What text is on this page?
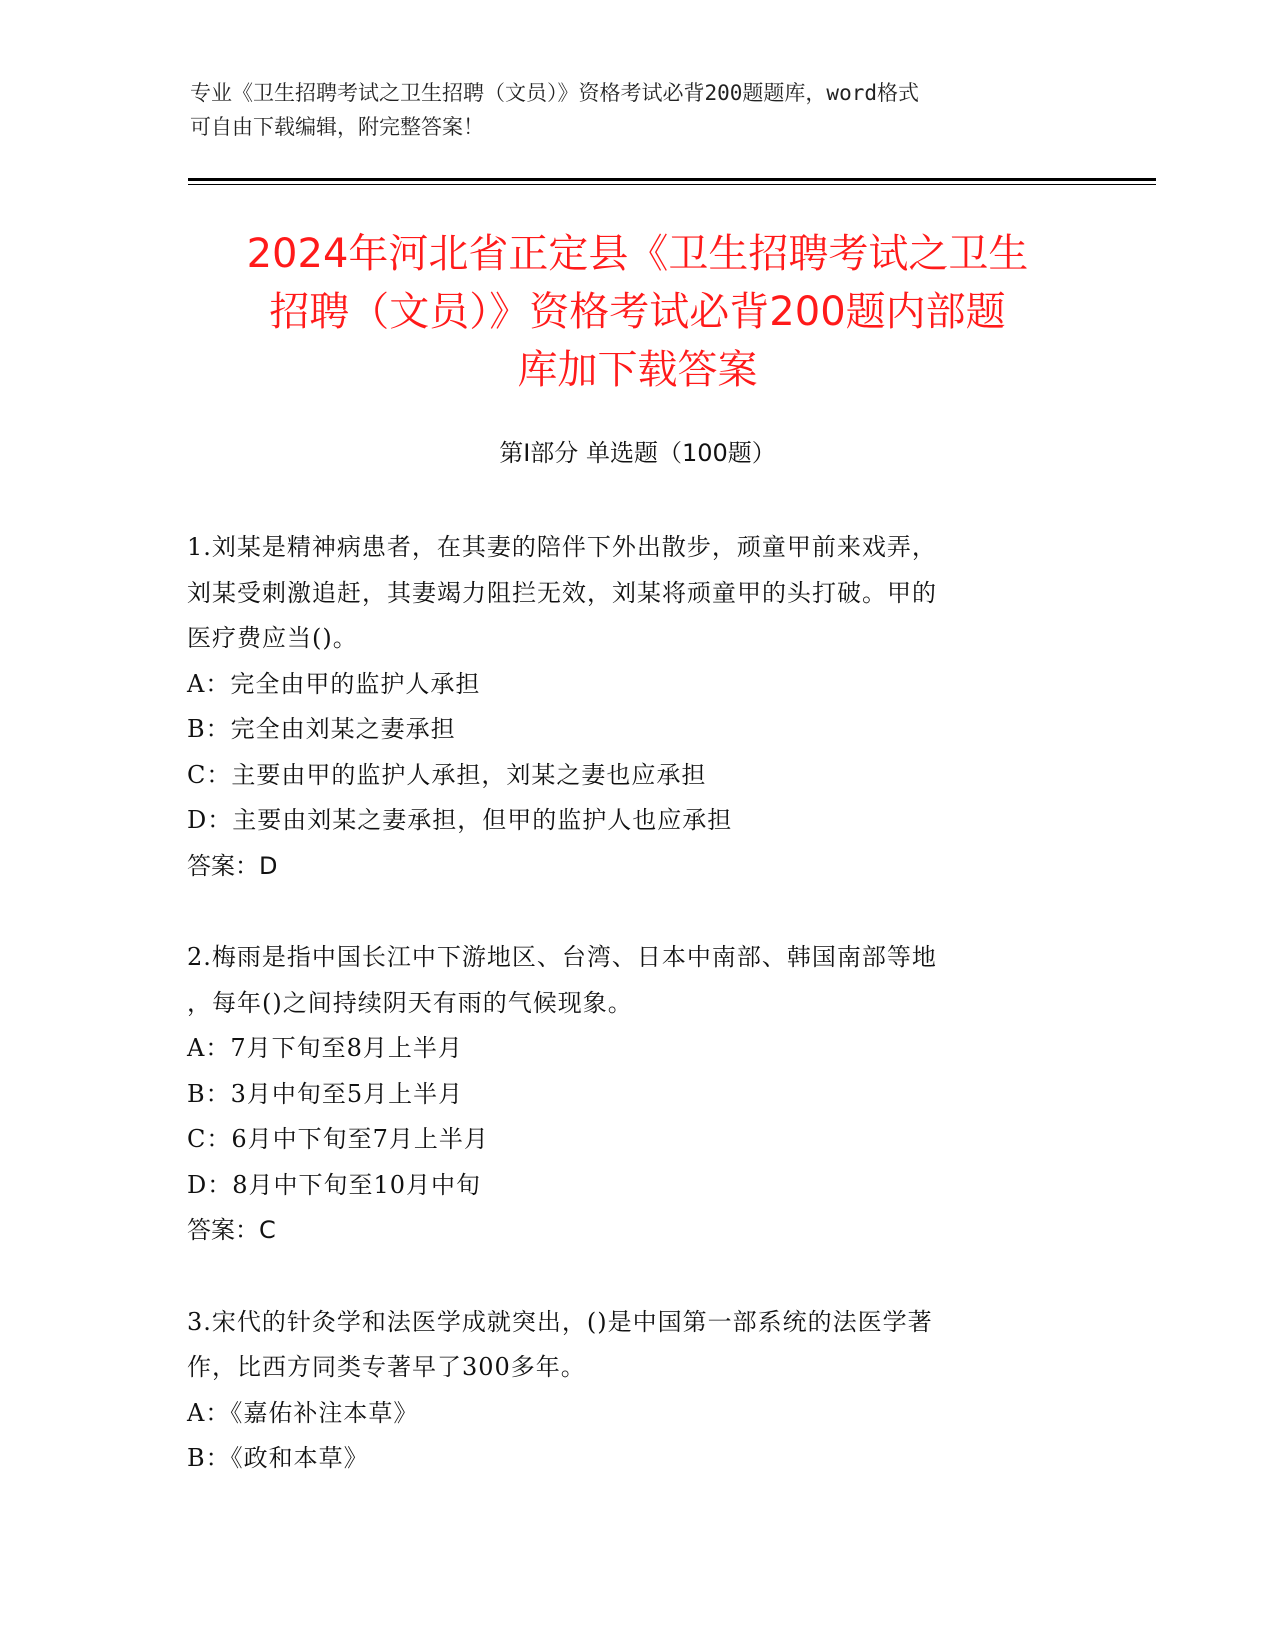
专业《卫生招聘考试之卫生招聘（文员）》资格考试必背200题题库，word格式
可自由下载编辑，附完整答案！
2024年河北省正定县《卫生招聘考试之卫生
招聘（文员）》资格考试必背200题内部题
库加下载答案
第Ⅰ部分 单选题（100题）
1.刘某是精神病患者，在其妻的陪伴下外出散步，顽童甲前来戏弄，
刘某受刺激追赶，其妻竭力阻拦无效，刘某将顽童甲的头打破。甲的
医疗费应当()。
A：完全由甲的监护人承担
B：完全由刘某之妻承担
C：主要由甲的监护人承担，刘某之妻也应承担
D：主要由刘某之妻承担，但甲的监护人也应承担
答案：D
2.梅雨是指中国长江中下游地区、台湾、日本中南部、韩国南部等地
，每年()之间持续阴天有雨的气候现象。
A：7月下旬至8月上半月
B：3月中旬至5月上半月
C：6月中下旬至7月上半月
D：8月中下旬至10月中旬
答案：C
3.宋代的针灸学和法医学成就突出，()是中国第一部系统的法医学著
作，比西方同类专著早了300多年。
A：《嘉佑补注本草》
B：《政和本草》
